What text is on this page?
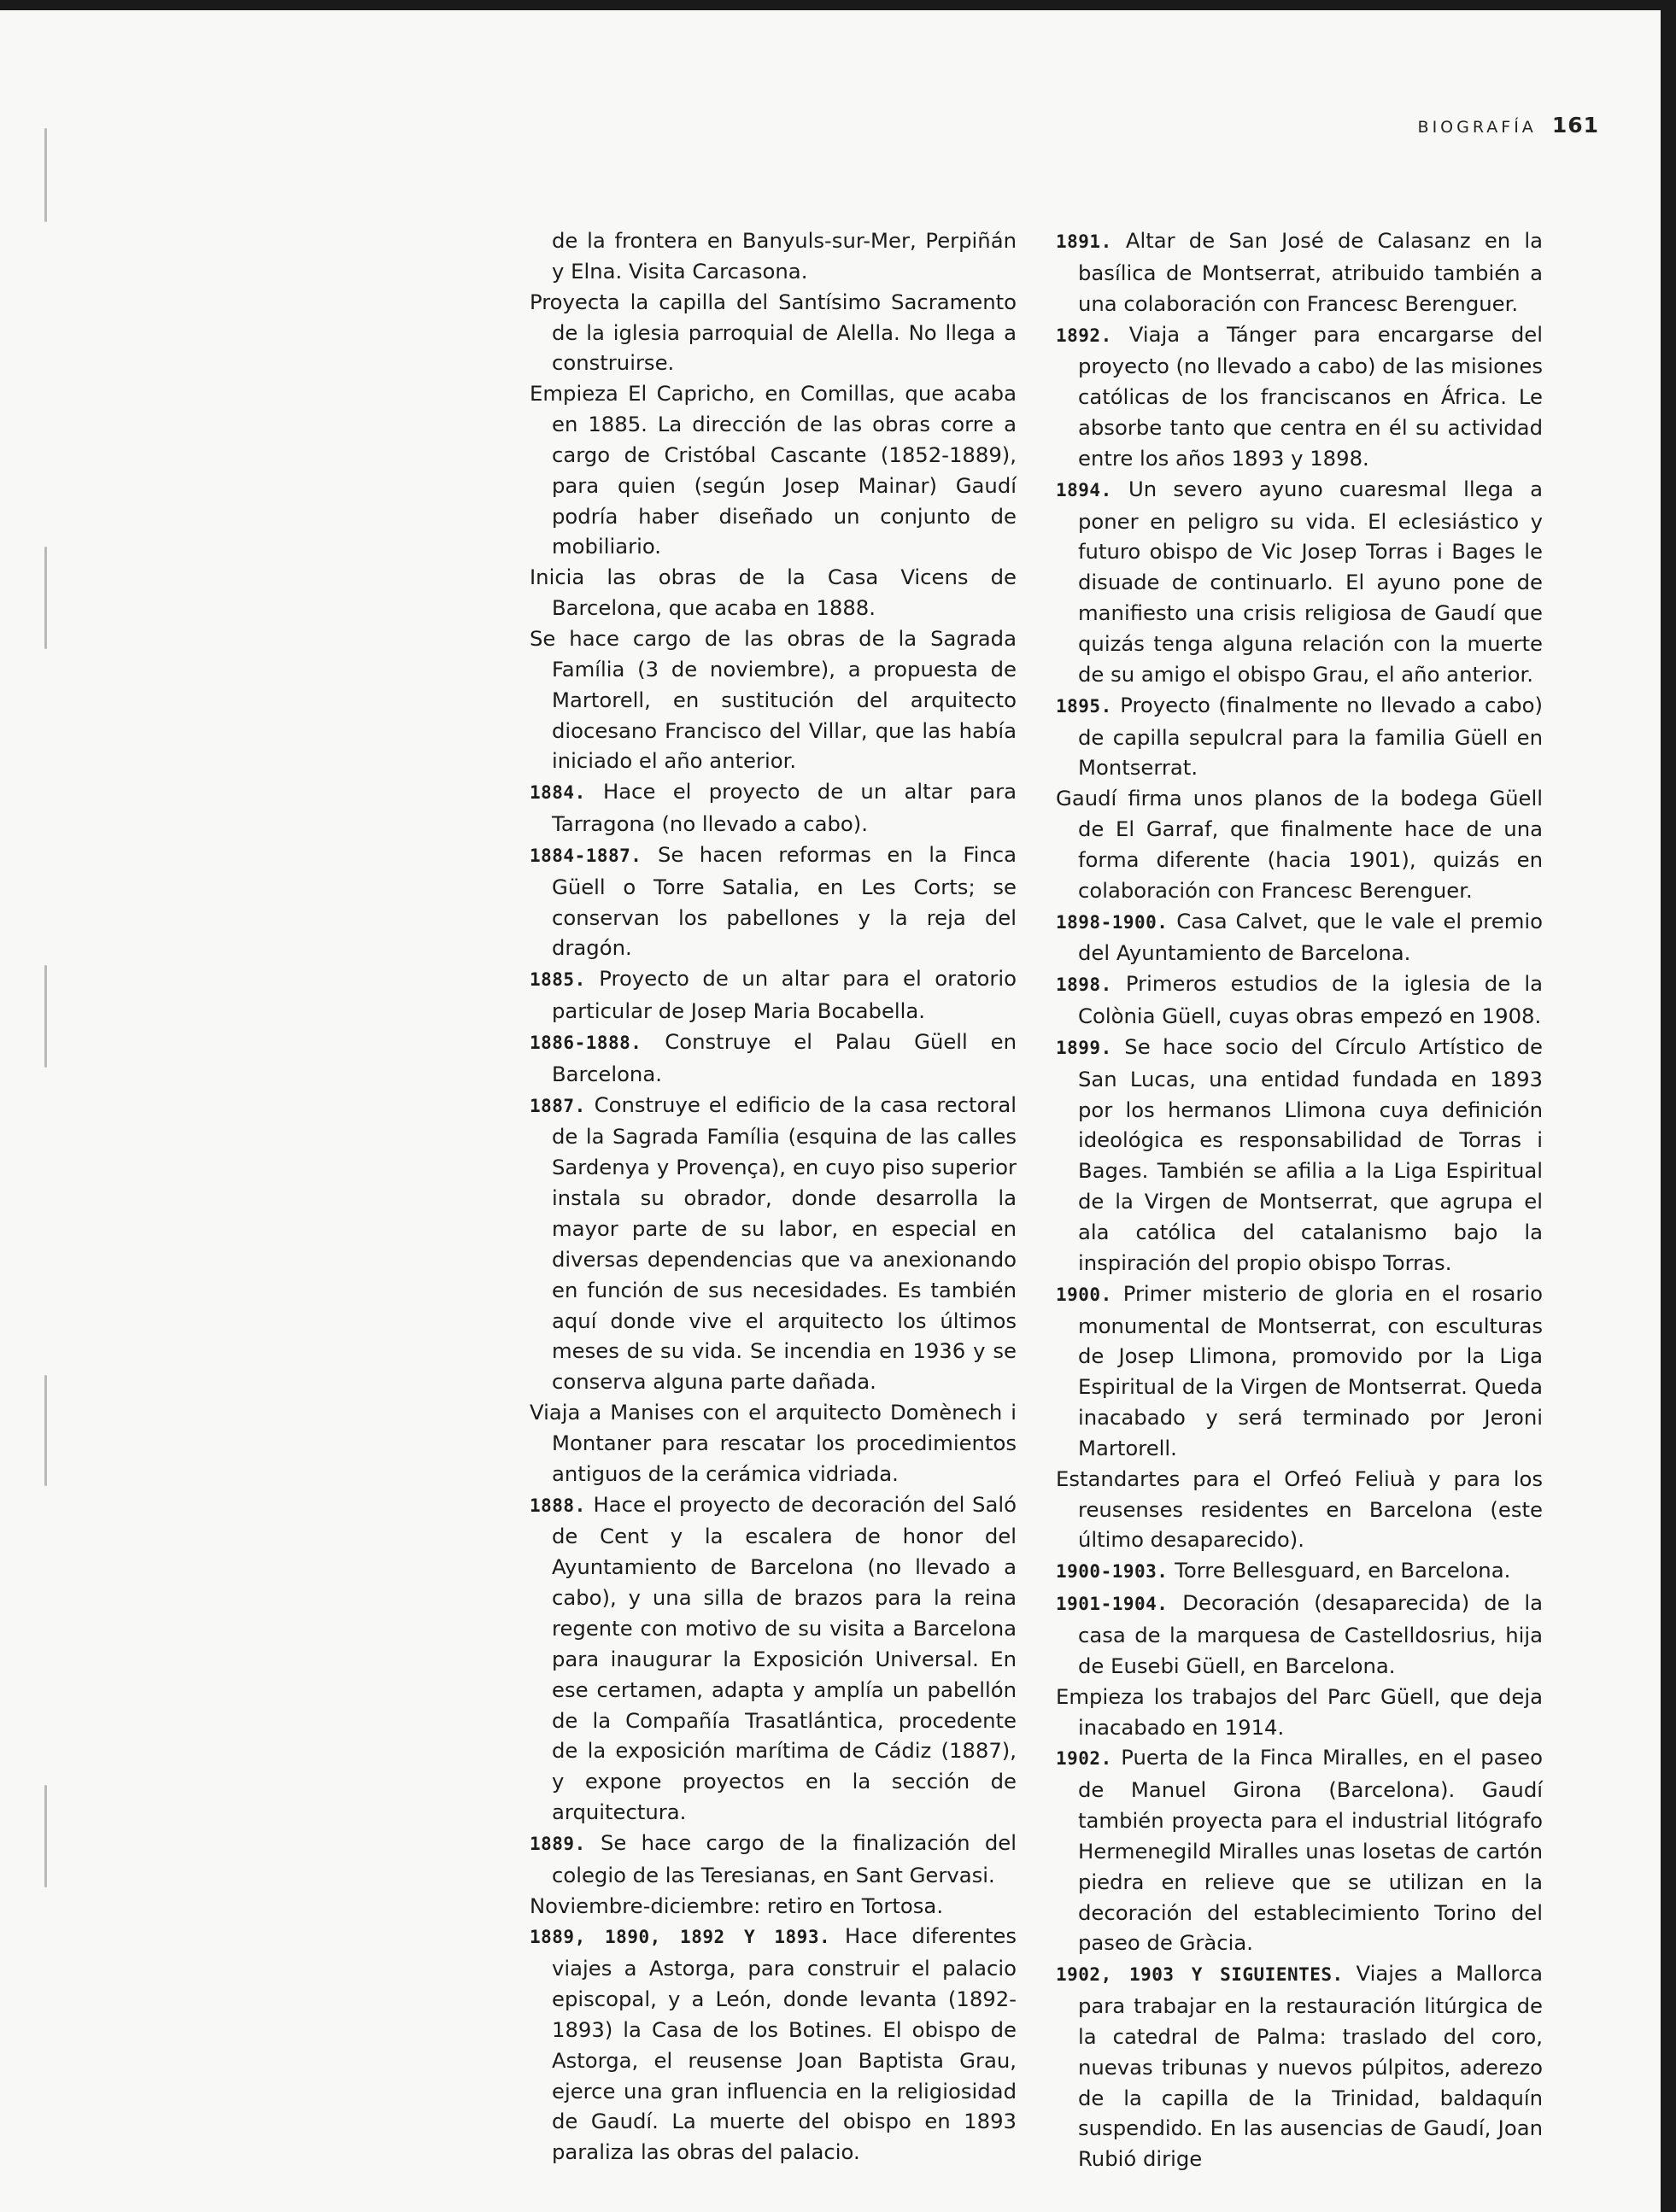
BIOGRAFÍA 161

de la frontera en Banyuls-sur-Mer, Perpiñán y Elna. Visita Carcasona.

Proyecta la capilla del Santísimo Sacramento de la iglesia parroquial de Alella. No llega a construirse.

Empieza El Capricho, en Comillas, que acaba en 1885. La dirección de las obras corre a cargo de Cristóbal Cascante (1852-1889), para quien (según Josep Mainar) Gaudí podría haber diseñado un conjunto de mobiliario.

Inicia las obras de la Casa Vicens de Barcelona, que acaba en 1888.

Se hace cargo de las obras de la Sagrada Família (3 de noviembre), a propuesta de Martorell, en sustitución del arquitecto diocesano Francisco del Villar, que las había iniciado el año anterior.

1884. Hace el proyecto de un altar para Tarragona (no llevado a cabo).

1884-1887. Se hacen reformas en la Finca Güell o Torre Satalia, en Les Corts; se conservan los pabellones y la reja del dragón.

1885. Proyecto de un altar para el oratorio particular de Josep Maria Bocabella.

1886-1888. Construye el Palau Güell en Barcelona.

1887. Construye el edificio de la casa rectoral de la Sagrada Família (esquina de las calles Sardenya y Provença), en cuyo piso superior instala su obrador, donde desarrolla la mayor parte de su labor, en especial en diversas dependencias que va anexionando en función de sus necesidades. Es también aquí donde vive el arquitecto los últimos meses de su vida. Se incendia en 1936 y se conserva alguna parte dañada.

Viaja a Manises con el arquitecto Domènech i Montaner para rescatar los procedimientos antiguos de la cerámica vidriada.

1888. Hace el proyecto de decoración del Saló de Cent y la escalera de honor del Ayuntamiento de Barcelona (no llevado a cabo), y una silla de brazos para la reina regente con motivo de su visita a Barcelona para inaugurar la Exposición Universal. En ese certamen, adapta y amplía un pabellón de la Compañía Trasatlántica, procedente de la exposición marítima de Cádiz (1887), y expone proyectos en la sección de arquitectura.

1889. Se hace cargo de la finalización del colegio de las Teresianas, en Sant Gervasi.

Noviembre-diciembre: retiro en Tortosa.

1889, 1890, 1892 Y 1893. Hace diferentes viajes a Astorga, para construir el palacio episcopal, y a León, donde levanta (1892-1893) la Casa de los Botines. El obispo de Astorga, el reusense Joan Baptista Grau, ejerce una gran influencia en la religiosidad de Gaudí. La muerte del obispo en 1893 paraliza las obras del palacio.

1891. Altar de San José de Calasanz en la basílica de Montserrat, atribuido también a una colaboración con Francesc Berenguer.

1892. Viaja a Tánger para encargarse del proyecto (no llevado a cabo) de las misiones católicas de los franciscanos en África. Le absorbe tanto que centra en él su actividad entre los años 1893 y 1898.

1894. Un severo ayuno cuaresmal llega a poner en peligro su vida. El eclesiástico y futuro obispo de Vic Josep Torras i Bages le disuade de continuarlo. El ayuno pone de manifiesto una crisis religiosa de Gaudí que quizás tenga alguna relación con la muerte de su amigo el obispo Grau, el año anterior.

1895. Proyecto (finalmente no llevado a cabo) de capilla sepulcral para la familia Güell en Montserrat.

Gaudí firma unos planos de la bodega Güell de El Garraf, que finalmente hace de una forma diferente (hacia 1901), quizás en colaboración con Francesc Berenguer.

1898-1900. Casa Calvet, que le vale el premio del Ayuntamiento de Barcelona.

1898. Primeros estudios de la iglesia de la Colònia Güell, cuyas obras empezó en 1908.

1899. Se hace socio del Círculo Artístico de San Lucas, una entidad fundada en 1893 por los hermanos Llimona cuya definición ideológica es responsabilidad de Torras i Bages. También se afilia a la Liga Espiritual de la Virgen de Montserrat, que agrupa el ala católica del catalanismo bajo la inspiración del propio obispo Torras.

1900. Primer misterio de gloria en el rosario monumental de Montserrat, con esculturas de Josep Llimona, promovido por la Liga Espiritual de la Virgen de Montserrat. Queda inacabado y será terminado por Jeroni Martorell.

Estandartes para el Orfeó Feliuà y para los reusenses residentes en Barcelona (este último desaparecido).

1900-1903. Torre Bellesguard, en Barcelona.

1901-1904. Decoración (desaparecida) de la casa de la marquesa de Castelldosrius, hija de Eusebi Güell, en Barcelona.

Empieza los trabajos del Parc Güell, que deja inacabado en 1914.

1902. Puerta de la Finca Miralles, en el paseo de Manuel Girona (Barcelona). Gaudí también proyecta para el industrial litógrafo Hermenegild Miralles unas losetas de cartón piedra en relieve que se utilizan en la decoración del establecimiento Torino del paseo de Gràcia.

1902, 1903 Y SIGUIENTES. Viajes a Mallorca para trabajar en la restauración litúrgica de la catedral de Palma: traslado del coro, nuevas tribunas y nuevos púlpitos, aderezo de la capilla de la Trinidad, baldaquín suspendido. En las ausencias de Gaudí, Joan Rubió dirige
